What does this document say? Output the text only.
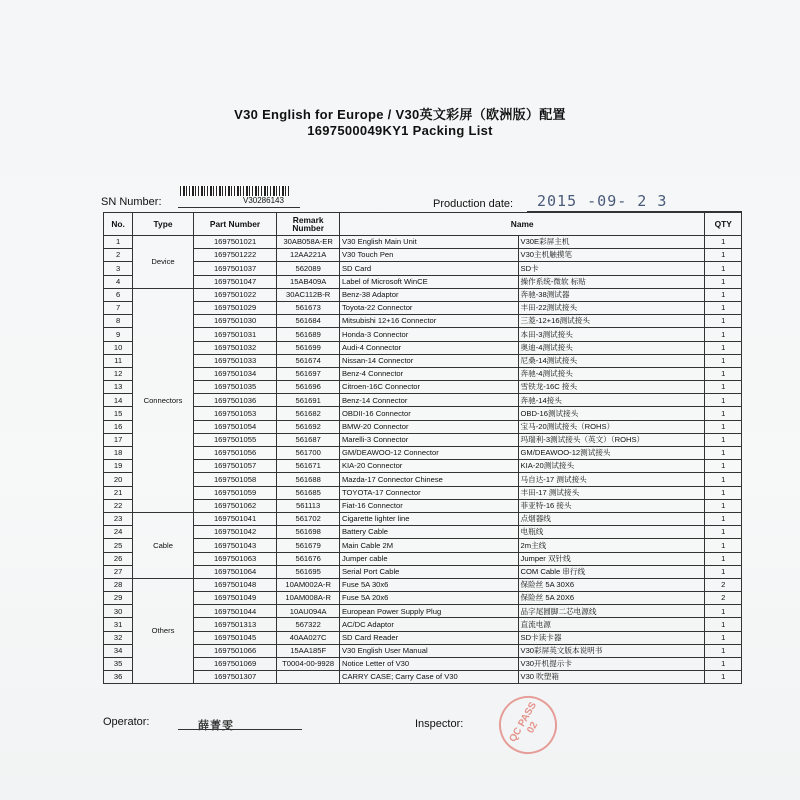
V30 English for Europe / V30英文彩屏（欧洲版）配置
1697500049KY1 Packing List
SN Number:	V30286143	Production date: 2015 -09- 2 3
No.	Type	Part Number	Remark Number	Name		QTY
1	Device	1697501021	30AB058A-ER	V30 English Main Unit	V30E彩屏主机	1
2		1697501222	12AA221A	V30 Touch Pen	V30主机触摸笔	1
3		1697501037	562089	SD Card	SD卡	1
4		1697501047	15AB409A	Label of Microsoft WinCE	操作系统-微软 标贴	1
6	Connectors	1697501022	30AC112B-R	Benz-38 Adaptor	奔驰-38测试器	1
7		1697501029	561673	Toyota-22 Connector	丰田-22测试接头	1
8		1697501030	561684	Mitsubishi 12+16 Connector	三菱-12+16测试接头	1
9		1697501031	561689	Honda-3 Connector	本田-3测试接头	1
10		1697501032	561699	Audi-4 Connector	奥迪-4测试接头	1
11		1697501033	561674	Nissan-14 Connector	尼桑-14测试接头	1
12		1697501034	561697	Benz-4 Connector	奔驰-4测试接头	1
13		1697501035	561696	Citroen-16C Connector	雪铁龙-16C 接头	1
14		1697501036	561691	Benz-14 Connector	奔驰-14接头	1
15		1697501053	561682	OBDII-16 Connector	OBD-16测试接头	1
16		1697501054	561692	BMW-20 Connector	宝马-20测试接头（ROHS）	1
17		1697501055	561687	Marelli-3 Connector	玛瑞利-3测试接头（英文）（ROHS）	1
18		1697501056	561700	GM/DEAWOO-12 Connector	GM/DEAWOO-12测试接头	1
19		1697501057	561671	KIA-20 Connector	KIA-20测试接头	1
20		1697501058	561688	Mazda-17 Connector Chinese	马自达-17 测试接头	1
21		1697501059	561685	TOYOTA-17 Connector	丰田-17 测试接头	1
22		1697501062	561113	Fiat-16 Connector	菲亚特-16 接头	1
23	Cable	1697501041	561702	Cigarette lighter line	点烟器线	1
24		1697501042	561698	Battery Cable	电瓶线	1
25		1697501043	561679	Main Cable 2M	2m主线	1
26		1697501063	561676	Jumper cable	Jumper 双针线	1
27		1697501064	561695	Serial Port Cable	COM Cable 串行线	1
28	Others	1697501048	10AM002A-R	Fuse 5A 30x6	保险丝 5A 30X6	2
29		1697501049	10AM008A-R	Fuse 5A 20x6	保险丝 5A 20X6	2
30		1697501044	10AU094A	European Power Supply Plug	品字尾圆脚二芯电源线	1
31		1697501313	567322	AC/DC Adaptor	直流电源	1
32		1697501045	40AA027C	SD Card Reader	SD卡读卡器	1
34		1697501066	15AA185F	V30 English User Manual	V30彩屏英文版本说明书	1
35		1697501069	T0004-00-9928	Notice Letter of V30	V30开机提示卡	1
36		1697501307		CARRY CASE; Carry Case of V30	V30 吹塑箱	1
Operator:	薛菁雯	Inspector:	QC PASS 02
